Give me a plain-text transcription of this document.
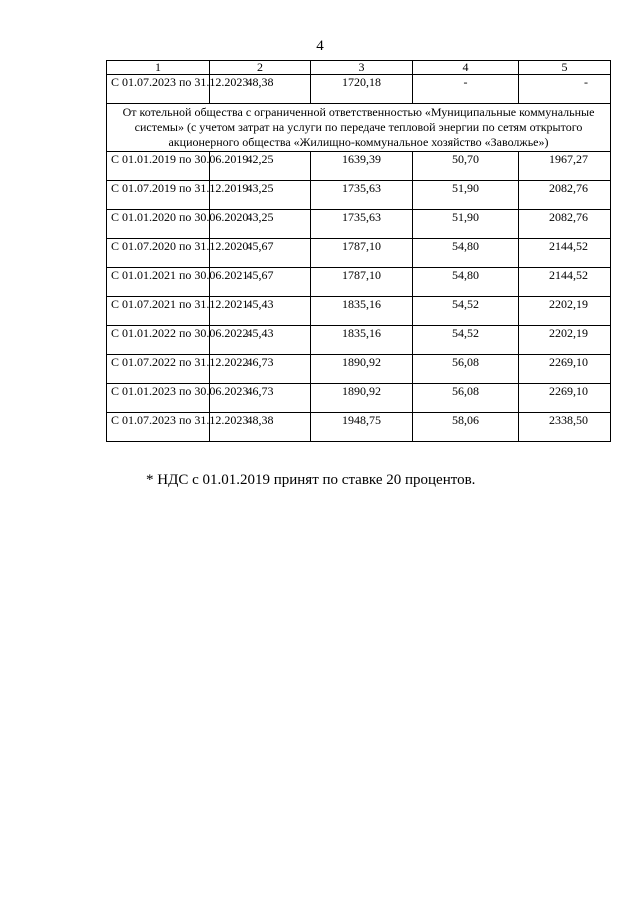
4
1	2	3	4	5
С 01.07.2023 по 31.12.2023	48,38	1720,18	-	-
От котельной общества с ограниченной ответственностью «Муниципальные коммунальные системы» (с учетом затрат на услуги по передаче тепловой энергии по сетям открытого акционерного общества «Жилищно-коммунальное хозяйство «Заволжье»)				
С 01.01.2019 по 30.06.2019	42,25	1639,39	50,70	1967,27
С 01.07.2019 по 31.12.2019	43,25	1735,63	51,90	2082,76
С 01.01.2020 по 30.06.2020	43,25	1735,63	51,90	2082,76
С 01.07.2020 по 31.12.2020	45,67	1787,10	54,80	2144,52
С 01.01.2021 по 30.06.2021	45,67	1787,10	54,80	2144,52
С 01.07.2021 по 31.12.2021	45,43	1835,16	54,52	2202,19
С 01.01.2022 по 30.06.2022	45,43	1835,16	54,52	2202,19
С 01.07.2022 по 31.12.2022	46,73	1890,92	56,08	2269,10
С 01.01.2023 по 30.06.2023	46,73	1890,92	56,08	2269,10
С 01.07.2023 по 31.12.2023	48,38	1948,75	58,06	2338,50
* НДС с 01.01.2019 принят по ставке 20 процентов.
